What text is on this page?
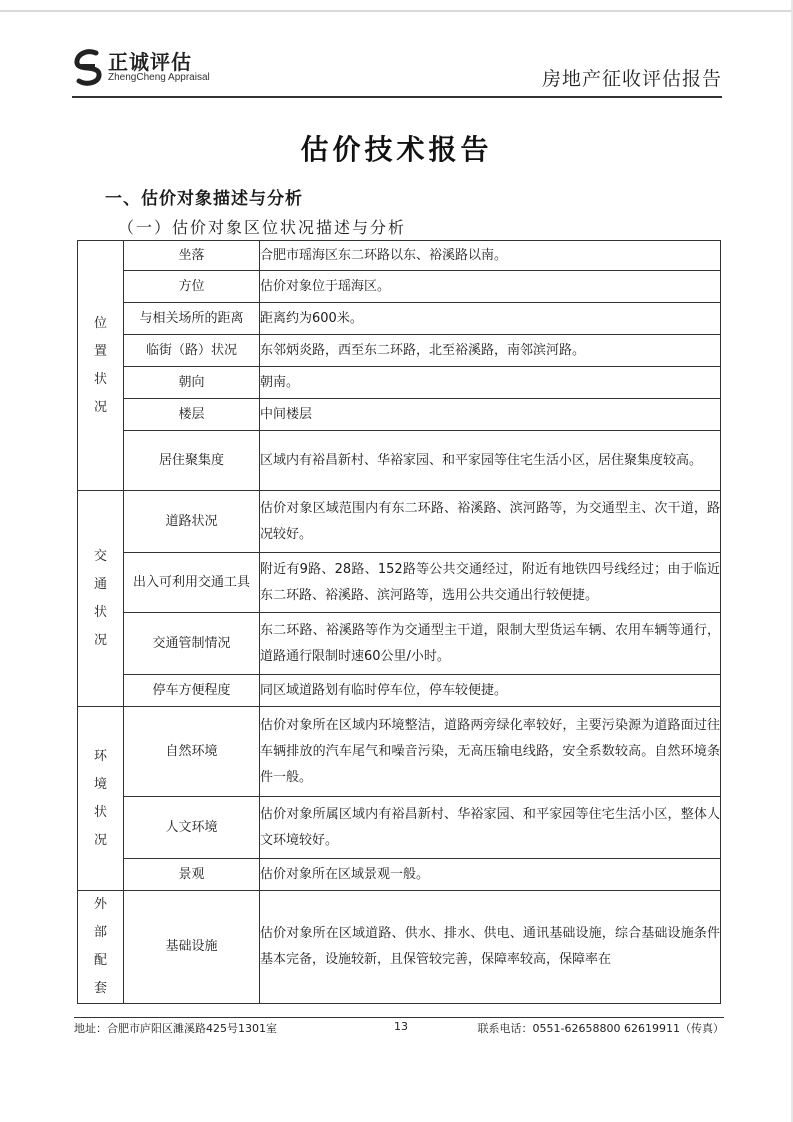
正诚评估
ZhengCheng Appraisal	房地产征收评估报告
估价技术报告
一、估价对象描述与分析
（一）估价对象区位状况描述与分析
位置状况	坐落	合肥市瑶海区东二环路以东、裕溪路以南。
	方位	估价对象位于瑶海区。
	与相关场所的距离	距离约为600米。
	临街（路）状况	东邻炳炎路，西至东二环路，北至裕溪路，南邻滨河路。
	朝向	朝南。
	楼层	中间楼层
	居住聚集度	区域内有裕昌新村、华裕家园、和平家园等住宅生活小区，居住聚集度较高。
交通状况	道路状况	估价对象区域范围内有东二环路、裕溪路、滨河路等，为交通型主、次干道，路况较好。
	出入可利用交通工具	附近有9路、28路、152路等公共交通经过，附近有地铁四号线经过；由于临近东二环路、裕溪路、滨河路等，选用公共交通出行较便捷。
	交通管制情况	东二环路、裕溪路等作为交通型主干道，限制大型货运车辆、农用车辆等通行，道路通行限制时速60公里/小时。
	停车方便程度	同区域道路划有临时停车位，停车较便捷。
环境状况	自然环境	估价对象所在区域内环境整洁，道路两旁绿化率较好，主要污染源为道路面过往车辆排放的汽车尾气和噪音污染，无高压输电线路，安全系数较高。自然环境条件一般。
	人文环境	估价对象所属区域内有裕昌新村、华裕家园、和平家园等住宅生活小区，整体人文环境较好。
	景观	估价对象所在区域景观一般。
外部配套	基础设施	估价对象所在区域道路、供水、排水、供电、通讯基础设施，综合基础设施条件基本完备，设施较新，且保管较完善，保障率较高，保障率在
地址：合肥市庐阳区濉溪路425号1301室	13	联系电话：0551-62658800 62619911（传真）
